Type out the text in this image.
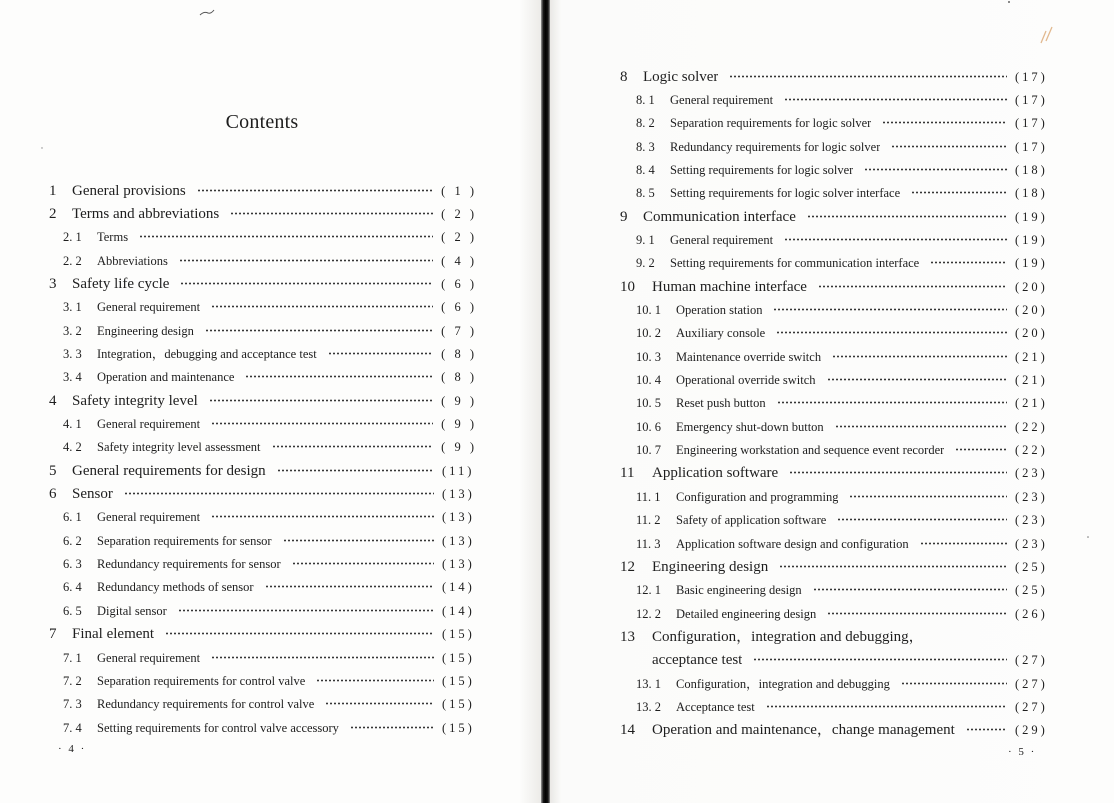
Contents
1	General provisions	( 1 )
2	Terms and abbreviations	( 2 )
2. 1	Terms	( 2 )
2. 2	Abbreviations	( 4 )
3	Safety life cycle	( 6 )
3. 1	General requirement	( 6 )
3. 2	Engineering design	( 7 )
3. 3	Integration，debugging and acceptance test	( 8 )
3. 4	Operation and maintenance	( 8 )
4	Safety integrity level	( 9 )
4. 1	General requirement	( 9 )
4. 2	Safety integrity level assessment	( 9 )
5	General requirements for design	(11)
6	Sensor	(13)
6. 1	General requirement	(13)
6. 2	Separation requirements for sensor	(13)
6. 3	Redundancy requirements for sensor	(13)
6. 4	Redundancy methods of sensor	(14)
6. 5	Digital sensor	(14)
7	Final element	(15)
7. 1	General requirement	(15)
7. 2	Separation requirements for control valve	(15)
7. 3	Redundancy requirements for control valve	(15)
7. 4	Setting requirements for control valve accessory	(15)
· 4 ·
8	Logic solver	(17)
8. 1	General requirement	(17)
8. 2	Separation requirements for logic solver	(17)
8. 3	Redundancy requirements for logic solver	(17)
8. 4	Setting requirements for logic solver	(18)
8. 5	Setting requirements for logic solver interface	(18)
9	Communication interface	(19)
9. 1	General requirement	(19)
9. 2	Setting requirements for communication interface	(19)
10	Human machine interface	(20)
10. 1	Operation station	(20)
10. 2	Auxiliary console	(20)
10. 3	Maintenance override switch	(21)
10. 4	Operational override switch	(21)
10. 5	Reset push button	(21)
10. 6	Emergency shut-down button	(22)
10. 7	Engineering workstation and sequence event recorder	(22)
11	Application software	(23)
11. 1	Configuration and programming	(23)
11. 2	Safety of application software	(23)
11. 3	Application software design and configuration	(23)
12	Engineering design	(25)
12. 1	Basic engineering design	(25)
12. 2	Detailed engineering design	(26)
13	Configuration，integration and debugging，
acceptance test	(27)
13. 1	Configuration，integration and debugging	(27)
13. 2	Acceptance test	(27)
14	Operation and maintenance，change management	(29)
· 5 ·
